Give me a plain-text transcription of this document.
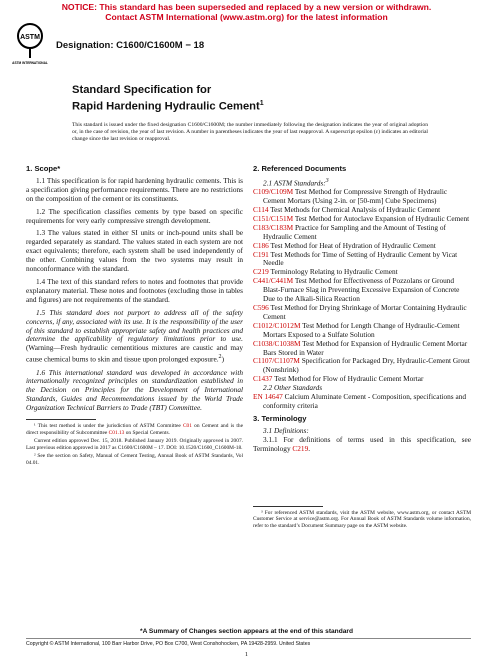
NOTICE: This standard has been superseded and replaced by a new version or withdrawn.
Contact ASTM International (www.astm.org) for the latest information
ASTM
ASTM INTERNATIONAL
Designation: C1600/C1600M − 18
Standard Specification for
Rapid Hardening Hydraulic Cement$^1$
This standard is issued under the fixed designation C1600/C1600M; the number immediately following the designation indicates the year of original adoption or, in the case of revision, the year of last revision. A number in parentheses indicates the year of last reapproval. A superscript epsilon (ε) indicates an editorial change since the last revision or reapproval.
1. Scope*

1.1 This specification is for rapid hardening hydraulic cements. This is a specification giving performance requirements. There are no restrictions on the composition of the cement or its constituents.

1.2 The specification classifies cements by type based on specific requirements for very early compressive strength development.

1.3 The values stated in either SI units or inch-pound units shall be regarded separately as standard. The values stated in each system are not exact equivalents; therefore, each system shall be used independently of the other. Combining values from the two systems may result in nonconformance with the standard.

1.4 The text of this standard refers to notes and footnotes that provide explanatory material. These notes and footnotes (excluding those in tables and figures) are not requirements of the standard.

1.5 This standard does not purport to address all of the safety concerns, if any, associated with its use. It is the responsibility of the user of this standard to establish appropriate safety and health practices and determine the applicability of regulatory limitations prior to use. (Warning—Fresh hydraulic cementitious mixtures are caustic and may cause chemical burns to skin and tissue upon prolonged exposure.$^2$)

1.6 This international standard was developed in accordance with internationally recognized principles on standardization established in the Decision on Principles for the Development of International Standards, Guides and Recommendations issued by the World Trade Organization Technical Barriers to Trade (TBT) Committee.

¹ This test method is under the jurisdiction of ASTM Committee C01 on Cement and is the direct responsibility of Subcommittee C01.13 on Special Cements.
Current edition approved Dec. 15, 2018. Published January 2019. Originally approved in 2007. Last previous edition approved in 2017 as C1600/C1600M – 17. DOI: 10.1520/C1600_C1600M-18.
² See the section on Safety, Manual of Cement Testing, Annual Book of ASTM Standards, Vol 04.01.
2. Referenced Documents
2.1 ASTM Standards:$^3$
C109/C109M Test Method for Compressive Strength of Hydraulic Cement Mortars (Using 2-in. or [50-mm] Cube Specimens)
C114 Test Methods for Chemical Analysis of Hydraulic Cement
C151/C151M Test Method for Autoclave Expansion of Hydraulic Cement
C183/C183M Practice for Sampling and the Amount of Testing of Hydraulic Cement
C186 Test Method for Heat of Hydration of Hydraulic Cement
C191 Test Methods for Time of Setting of Hydraulic Cement by Vicat Needle
C219 Terminology Relating to Hydraulic Cement
C441/C441M Test Method for Effectiveness of Pozzolans or Ground Blast-Furnace Slag in Preventing Excessive Expansion of Concrete Due to the Alkali-Silica Reaction
C596 Test Method for Drying Shrinkage of Mortar Containing Hydraulic Cement
C1012/C1012M Test Method for Length Change of Hydraulic-Cement Mortars Exposed to a Sulfate Solution
C1038/C1038M Test Method for Expansion of Hydraulic Cement Mortar Bars Stored in Water
C1107/C1107M Specification for Packaged Dry, Hydraulic-Cement Grout (Nonshrink)
C1437 Test Method for Flow of Hydraulic Cement Mortar
2.2 Other Standards
EN 14647 Calcium Aluminate Cement - Composition, specifications and conformity criteria
3. Terminology
3.1 Definitions:

3.1.1 For definitions of terms used in this specification, see Terminology C219.

³ For referenced ASTM standards, visit the ASTM website, www.astm.org, or contact ASTM Customer Service at service@astm.org. For Annual Book of ASTM Standards volume information, refer to the standard’s Document Summary page on the ASTM website.
*A Summary of Changes section appears at the end of this standard
Copyright © ASTM International, 100 Barr Harbor Drive, PO Box C700, West Conshohocken, PA 19428-2959. United States
1
